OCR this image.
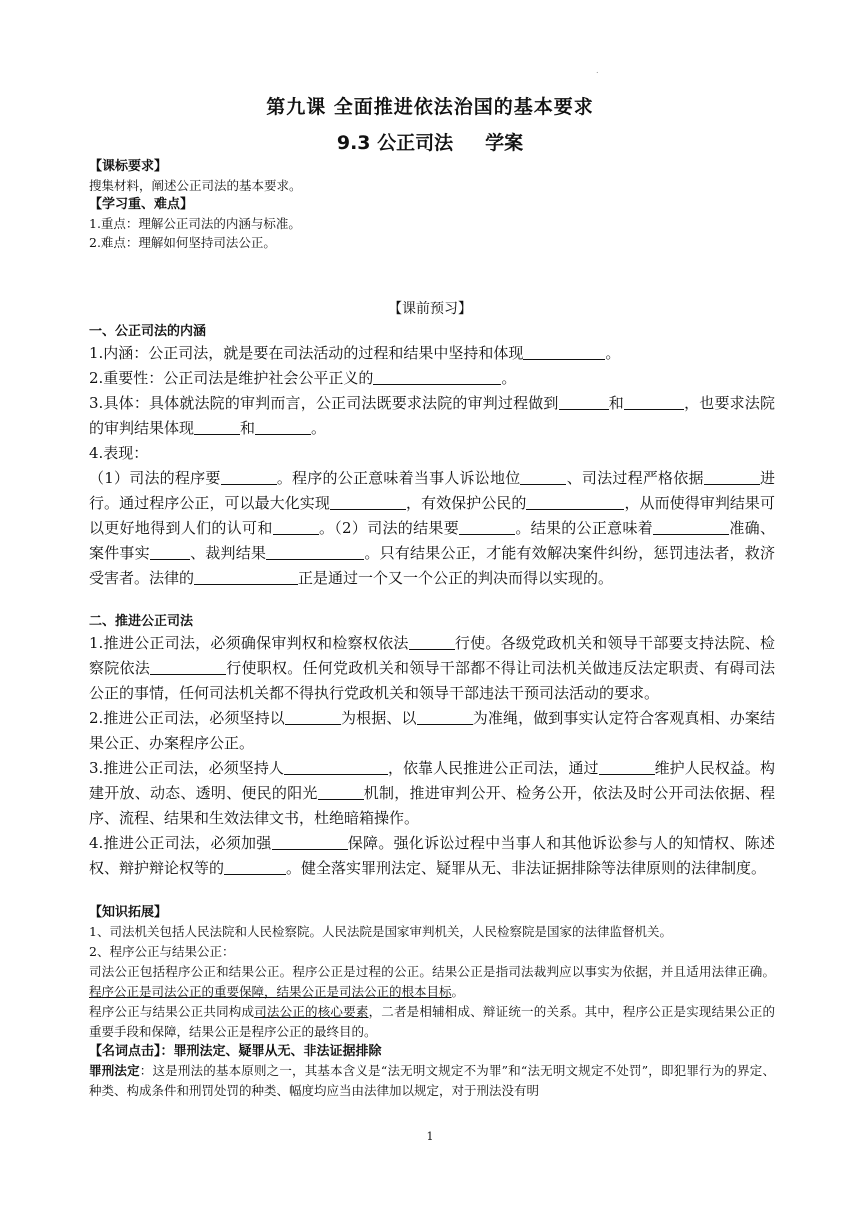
.
第九课 全面推进依法治国的基本要求
9.3 公正司法 学案
【课标要求】
搜集材料，阐述公正司法的基本要求。
【学习重、难点】
1.重点：理解公正司法的内涵与标准。
2.难点：理解如何坚持司法公正。
【课前预习】
一、公正司法的内涵

1.内涵：公正司法，就是要在司法活动的过程和结果中坚持和体现	。

2.重要性：公正司法是维护社会公平正义的	。

3.具体：具体就法院的审判而言，公正司法既要求法院的审判过程做到	和	，也要求法院的审判结果体现	和	。

4.表现：

（1）司法的程序要	。程序的公正意味着当事人诉讼地位	、司法过程严格依据	进行。通过程序公正，可以最大化实现	，有效保护公民的	，从而使得审判结果可以更好地得到人们的认可和	。（2）司法的结果要	。结果的公正意味着	准确、案件事实	、裁判结果	。只有结果公正，才能有效解决案件纠纷，惩罚违法者，救济受害者。法律的	正是通过一个又一个公正的判决而得以实现的。

二、推进公正司法

1.推进公正司法，必须确保审判权和检察权依法	行使。各级党政机关和领导干部要支持法院、检察院依法	行使职权。任何党政机关和领导干部都不得让司法机关做违反法定职责、有碍司法公正的事情，任何司法机关都不得执行党政机关和领导干部违法干预司法活动的要求。

2.推进公正司法，必须坚持以	为根据、以	为准绳，做到事实认定符合客观真相、办案结果公正、办案程序公正。

3.推进公正司法，必须坚持人	，依靠人民推进公正司法，通过	维护人民权益。构建开放、动态、透明、便民的阳光	机制，推进审判公开、检务公开，依法及时公开司法依据、程序、流程、结果和生效法律文书，杜绝暗箱操作。

4.推进公正司法，必须加强	保障。强化诉讼过程中当事人和其他诉讼参与人的知情权、陈述权、辩护辩论权等的	。健全落实罪刑法定、疑罪从无、非法证据排除等法律原则的法律制度。

【知识拓展】

1、司法机关包括人民法院和人民检察院。人民法院是国家审判机关，人民检察院是国家的法律监督机关。

2、程序公正与结果公正：

司法公正包括程序公正和结果公正。程序公正是过程的公正。结果公正是指司法裁判应以事实为依据，并且适用法律正确。程序公正是司法公正的重要保障，结果公正是司法公正的根本目标。

程序公正与结果公正共同构成司法公正的核心要素，二者是相辅相成、辩证统一的关系。其中，程序公正是实现结果公正的重要手段和保障，结果公正是程序公正的最终目的。

【名词点击】：罪刑法定、疑罪从无、非法证据排除

罪刑法定：这是刑法的基本原则之一，其基本含义是“法无明文规定不为罪”和“法无明文规定不处罚”，即犯罪行为的界定、种类、构成条件和刑罚处罚的种类、幅度均应当由法律加以规定，对于刑法没有明

1
